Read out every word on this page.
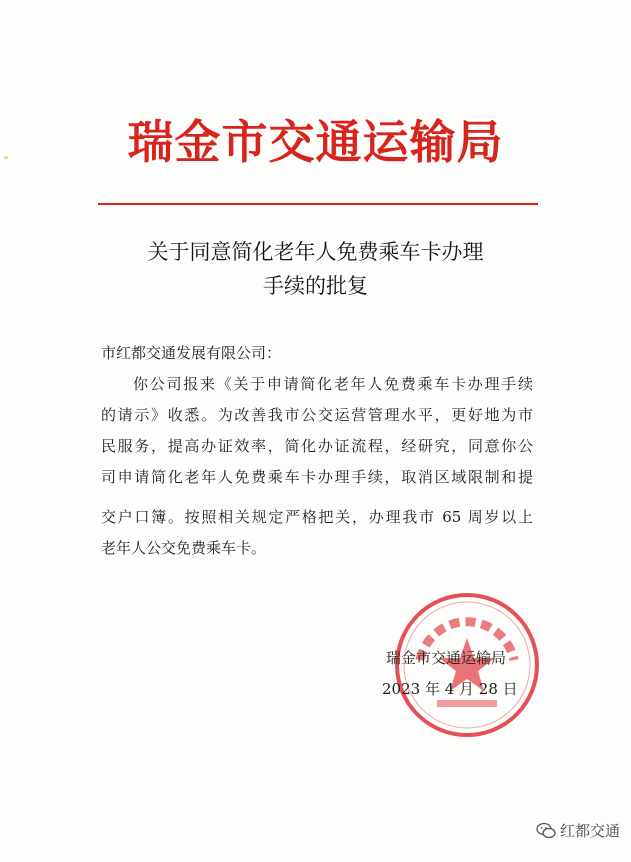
瑞金市交通运输局
关于同意简化老年人免费乘车卡办理
手续的批复
市红都交通发展有限公司：
你公司报来《关于申请简化老年人免费乘车卡办理手续
的请示》收悉。为改善我市公交运营管理水平，更好地为市
民服务，提高办证效率，简化办证流程，经研究，同意你公
司申请简化老年人免费乘车卡办理手续，取消区域限制和提
交户口簿。按照相关规定严格把关，办理我市 65 周岁以上
老年人公交免费乘车卡。
瑞金市交通运输局
2023 年 4 月 28 日
红都交通
